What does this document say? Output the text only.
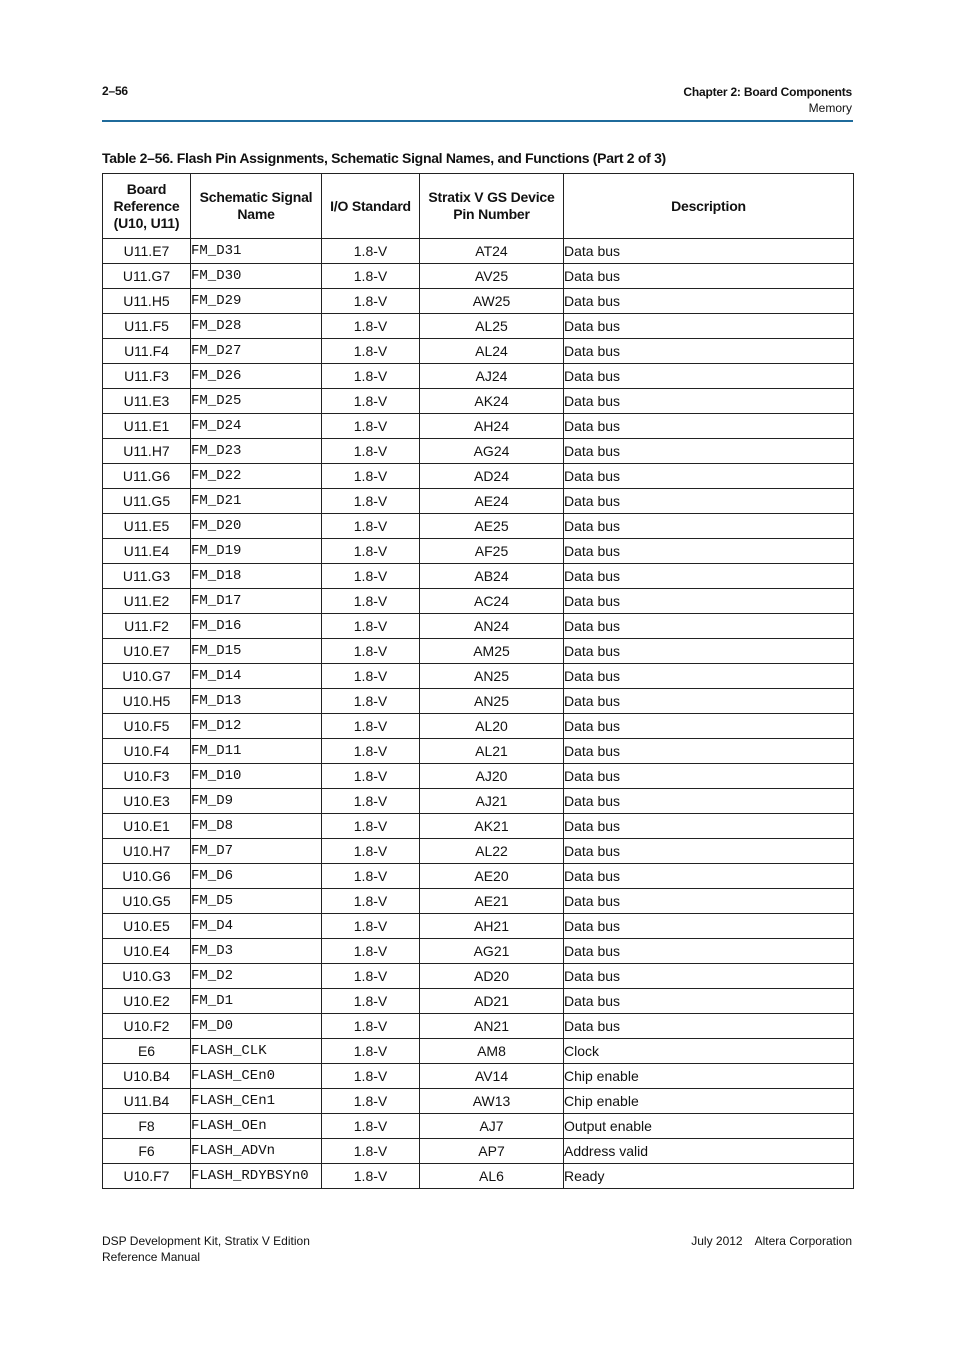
2–56	Chapter 2: Board Components
Memory
Table 2–56. Flash Pin Assignments, Schematic Signal Names, and Functions (Part 2 of 3)
Board Reference (U10, U11)	Schematic Signal Name	I/O Standard	Stratix V GS Device Pin Number	Description
U11.E7	FM_D31	1.8-V	AT24	Data bus
U11.G7	FM_D30	1.8-V	AV25	Data bus
U11.H5	FM_D29	1.8-V	AW25	Data bus
U11.F5	FM_D28	1.8-V	AL25	Data bus
U11.F4	FM_D27	1.8-V	AL24	Data bus
U11.F3	FM_D26	1.8-V	AJ24	Data bus
U11.E3	FM_D25	1.8-V	AK24	Data bus
U11.E1	FM_D24	1.8-V	AH24	Data bus
U11.H7	FM_D23	1.8-V	AG24	Data bus
U11.G6	FM_D22	1.8-V	AD24	Data bus
U11.G5	FM_D21	1.8-V	AE24	Data bus
U11.E5	FM_D20	1.8-V	AE25	Data bus
U11.E4	FM_D19	1.8-V	AF25	Data bus
U11.G3	FM_D18	1.8-V	AB24	Data bus
U11.E2	FM_D17	1.8-V	AC24	Data bus
U11.F2	FM_D16	1.8-V	AN24	Data bus
U10.E7	FM_D15	1.8-V	AM25	Data bus
U10.G7	FM_D14	1.8-V	AN25	Data bus
U10.H5	FM_D13	1.8-V	AN25	Data bus
U10.F5	FM_D12	1.8-V	AL20	Data bus
U10.F4	FM_D11	1.8-V	AL21	Data bus
U10.F3	FM_D10	1.8-V	AJ20	Data bus
U10.E3	FM_D9	1.8-V	AJ21	Data bus
U10.E1	FM_D8	1.8-V	AK21	Data bus
U10.H7	FM_D7	1.8-V	AL22	Data bus
U10.G6	FM_D6	1.8-V	AE20	Data bus
U10.G5	FM_D5	1.8-V	AE21	Data bus
U10.E5	FM_D4	1.8-V	AH21	Data bus
U10.E4	FM_D3	1.8-V	AG21	Data bus
U10.G3	FM_D2	1.8-V	AD20	Data bus
U10.E2	FM_D1	1.8-V	AD21	Data bus
U10.F2	FM_D0	1.8-V	AN21	Data bus
E6	FLASH_CLK	1.8-V	AM8	Clock
U10.B4	FLASH_CEn0	1.8-V	AV14	Chip enable
U11.B4	FLASH_CEn1	1.8-V	AW13	Chip enable
F8	FLASH_OEn	1.8-V	AJ7	Output enable
F6	FLASH_ADVn	1.8-V	AP7	Address valid
U10.F7	FLASH_RDYBSYn0	1.8-V	AL6	Ready
DSP Development Kit, Stratix V Edition
Reference Manual
July 2012 Altera Corporation
